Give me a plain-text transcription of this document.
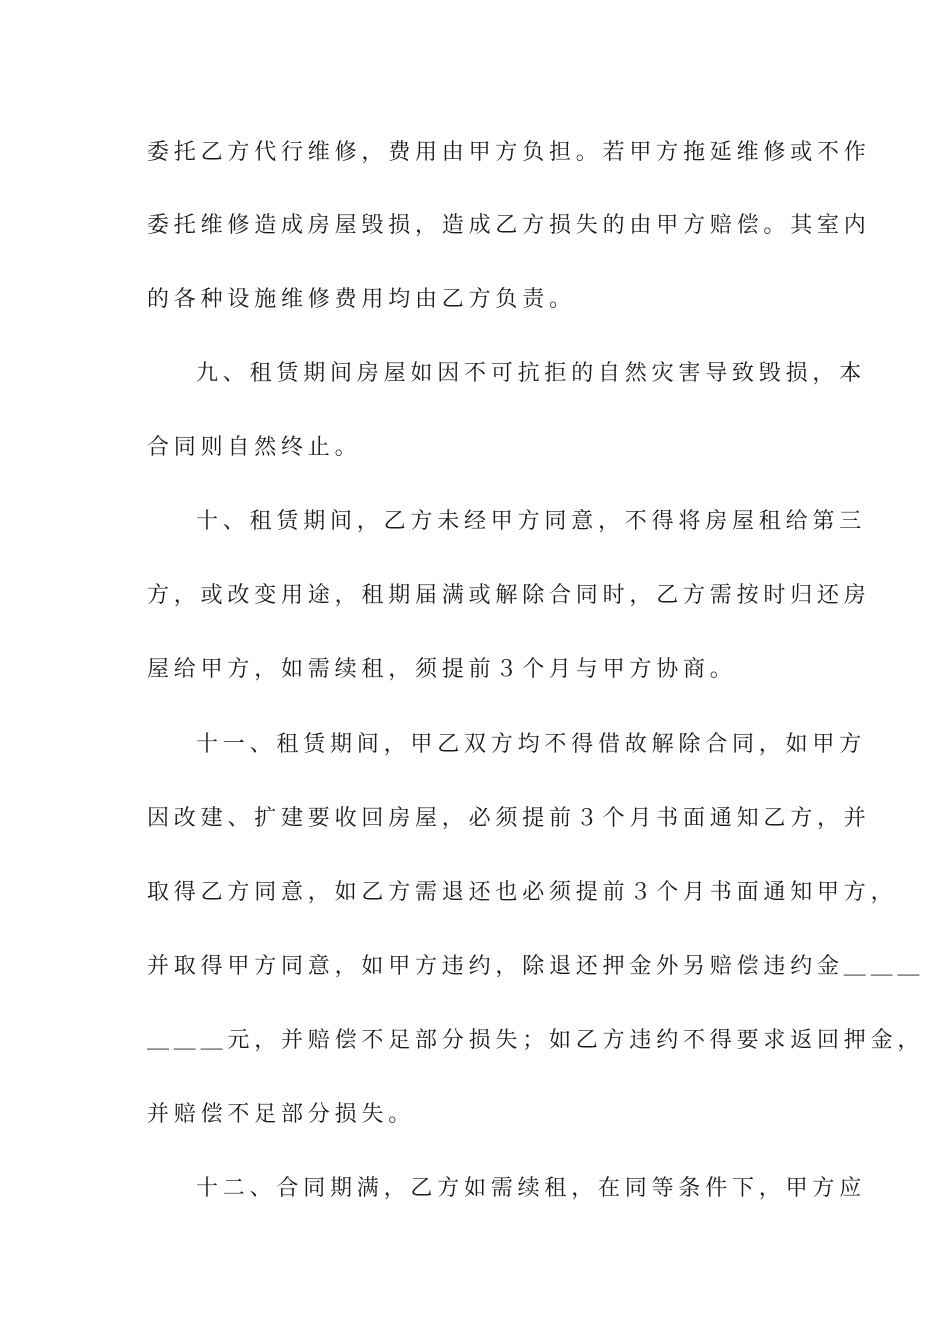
委托乙方代行维修，费用由甲方负担。若甲方拖延维修或不作
委托维修造成房屋毁损，造成乙方损失的由甲方赔偿。其室内
的各种设施维修费用均由乙方负责。
九、租赁期间房屋如因不可抗拒的自然灾害导致毁损，本
合同则自然终止。
十、租赁期间，乙方未经甲方同意，不得将房屋租给第三
方，或改变用途，租期届满或解除合同时，乙方需按时归还房
屋给甲方，如需续租，须提前３个月与甲方协商。
十一、租赁期间，甲乙双方均不得借故解除合同，如甲方
因改建、扩建要收回房屋，必须提前３个月书面通知乙方，并
取得乙方同意，如乙方需退还也必须提前３个月书面通知甲方，
并取得甲方同意，如甲方违约，除退还押金外另赔偿违约金＿＿＿
＿＿＿元，并赔偿不足部分损失；如乙方违约不得要求返回押金，
并赔偿不足部分损失。
十二、合同期满，乙方如需续租，在同等条件下，甲方应
